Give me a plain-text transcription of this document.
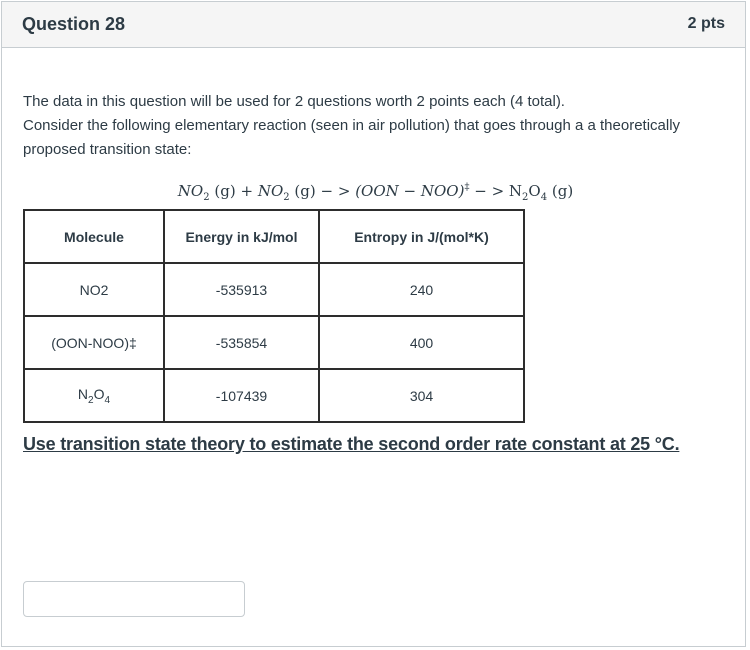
Question 28	2 pts

The data in this question will be used for 2 questions worth 2 points each (4 total).

Consider the following elementary reaction (seen in air pollution) that goes through a a theoretically proposed transition state:

$NO_2$ $(g) + NO_2$ (g) − > (OON − NOO)‡ − > $N_2O_4$ (g)
Molecule	Energy in kJ/mol	Entropy in J/(mol*K)
NO2	-535913	240
(OON-NOO)‡	-535854	400
$N_2O_4$	-107439	304
Use transition state theory to estimate the second order rate constant at 25 °C.
